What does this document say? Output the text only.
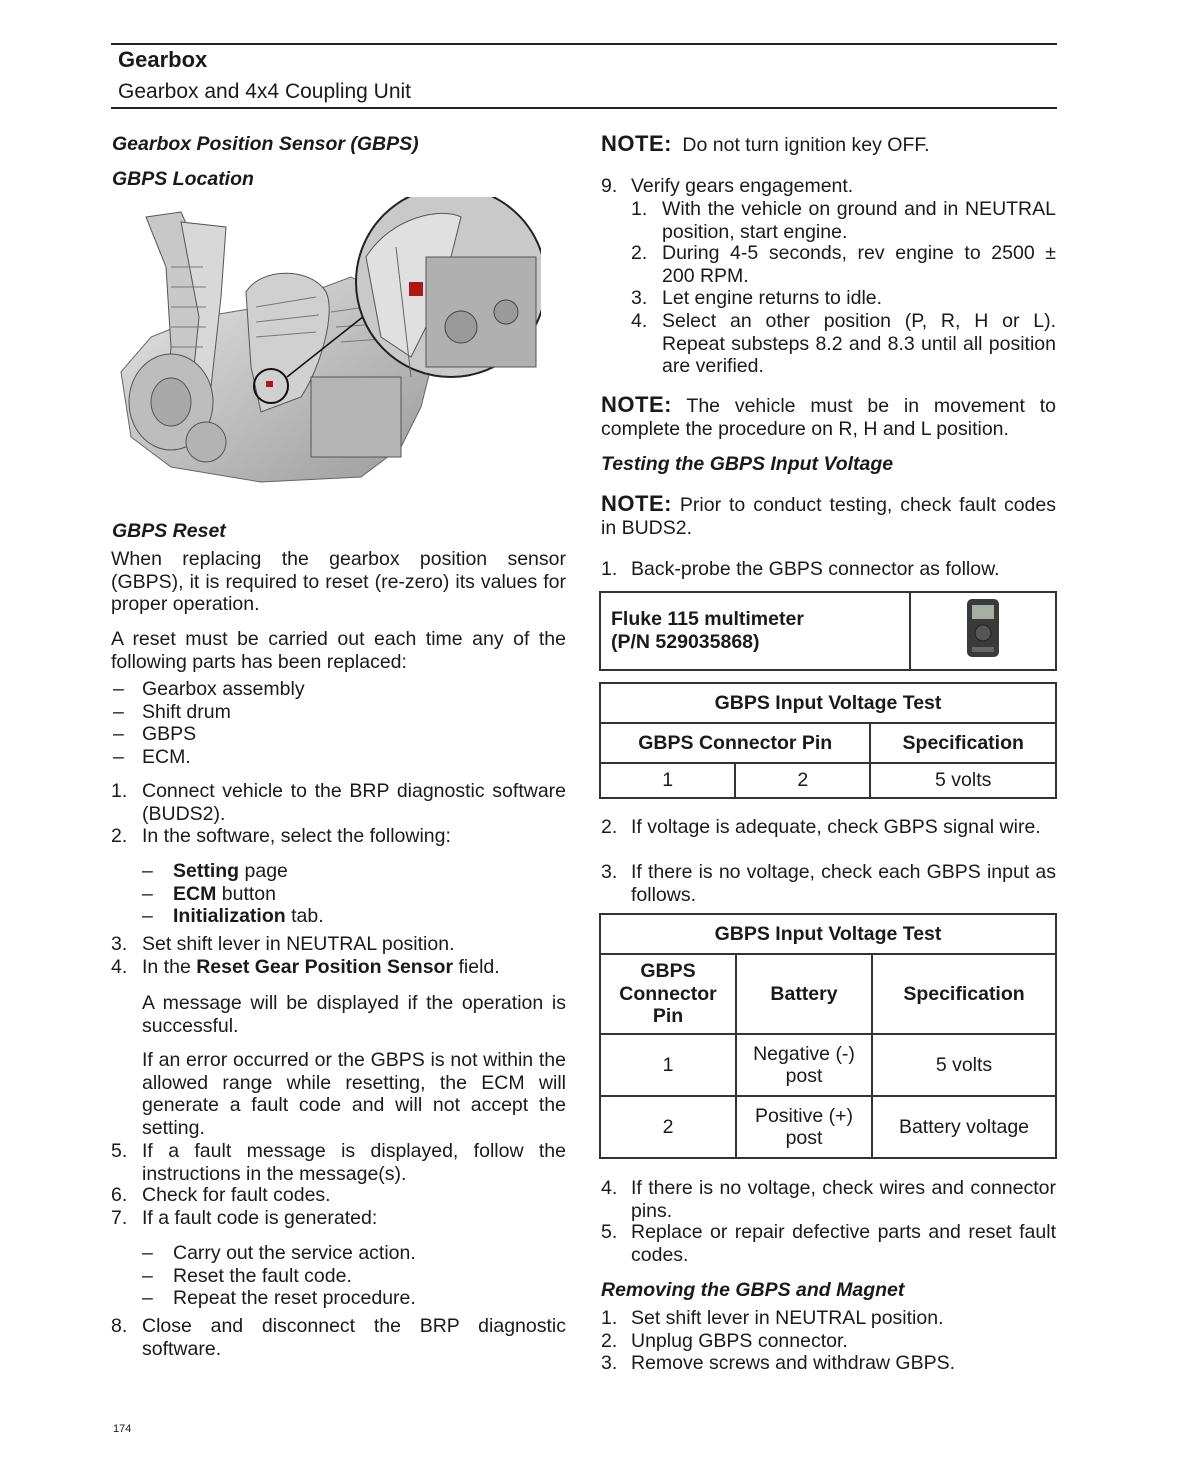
Gearbox
Gearbox and 4x4 Coupling Unit
Gearbox Position Sensor (GBPS)
GBPS Location
GBPS Reset
When replacing the gearbox position sensor (GBPS), it is required to reset (re-zero) its values for proper operation.
A reset must be carried out each time any of the following parts has been replaced:
– Gearbox assembly
– Shift drum
– GBPS
– ECM.
1. Connect vehicle to the BRP diagnostic software (BUDS2).
2. In the software, select the following:
– Setting page
– ECM button
– Initialization tab.
3. Set shift lever in NEUTRAL position.
4. In the Reset Gear Position Sensor field.
A message will be displayed if the operation is successful.
If an error occurred or the GBPS is not within the allowed range while resetting, the ECM will generate a fault code and will not accept the setting.
5. If a fault message is displayed, follow the instructions in the message(s).
6. Check for fault codes.
7. If a fault code is generated:
– Carry out the service action.
– Reset the fault code.
– Repeat the reset procedure.
8. Close and disconnect the BRP diagnostic software.
NOTE: Do not turn ignition key OFF.
9. Verify gears engagement.
1. With the vehicle on ground and in NEUTRAL position, start engine.
2. During 4-5 seconds, rev engine to 2500 ± 200 RPM.
3. Let engine returns to idle.
4. Select an other position (P, R, H or L). Repeat substeps 8.2 and 8.3 until all position are verified.
NOTE: The vehicle must be in movement to complete the procedure on R, H and L position.
Testing the GBPS Input Voltage
NOTE: Prior to conduct testing, check fault codes in BUDS2.
1. Back-probe the GBPS connector as follow.
Fluke 115 multimeter
(P/N 529035868)

GBPS Input Voltage Test		
GBPS Connector Pin		Specification
1	2	5 volts
2. If voltage is adequate, check GBPS signal wire.
3. If there is no voltage, check each GBPS input as follows.
GBPS Input Voltage Test		
GBPS Connector Pin	Battery	Specification
1	Negative (-) post	5 volts
2	Positive (+) post	Battery voltage
4. If there is no voltage, check wires and connector pins.
5. Replace or repair defective parts and reset fault codes.
Removing the GBPS and Magnet
1. Set shift lever in NEUTRAL position.
2. Unplug GBPS connector.
3. Remove screws and withdraw GBPS.
174
